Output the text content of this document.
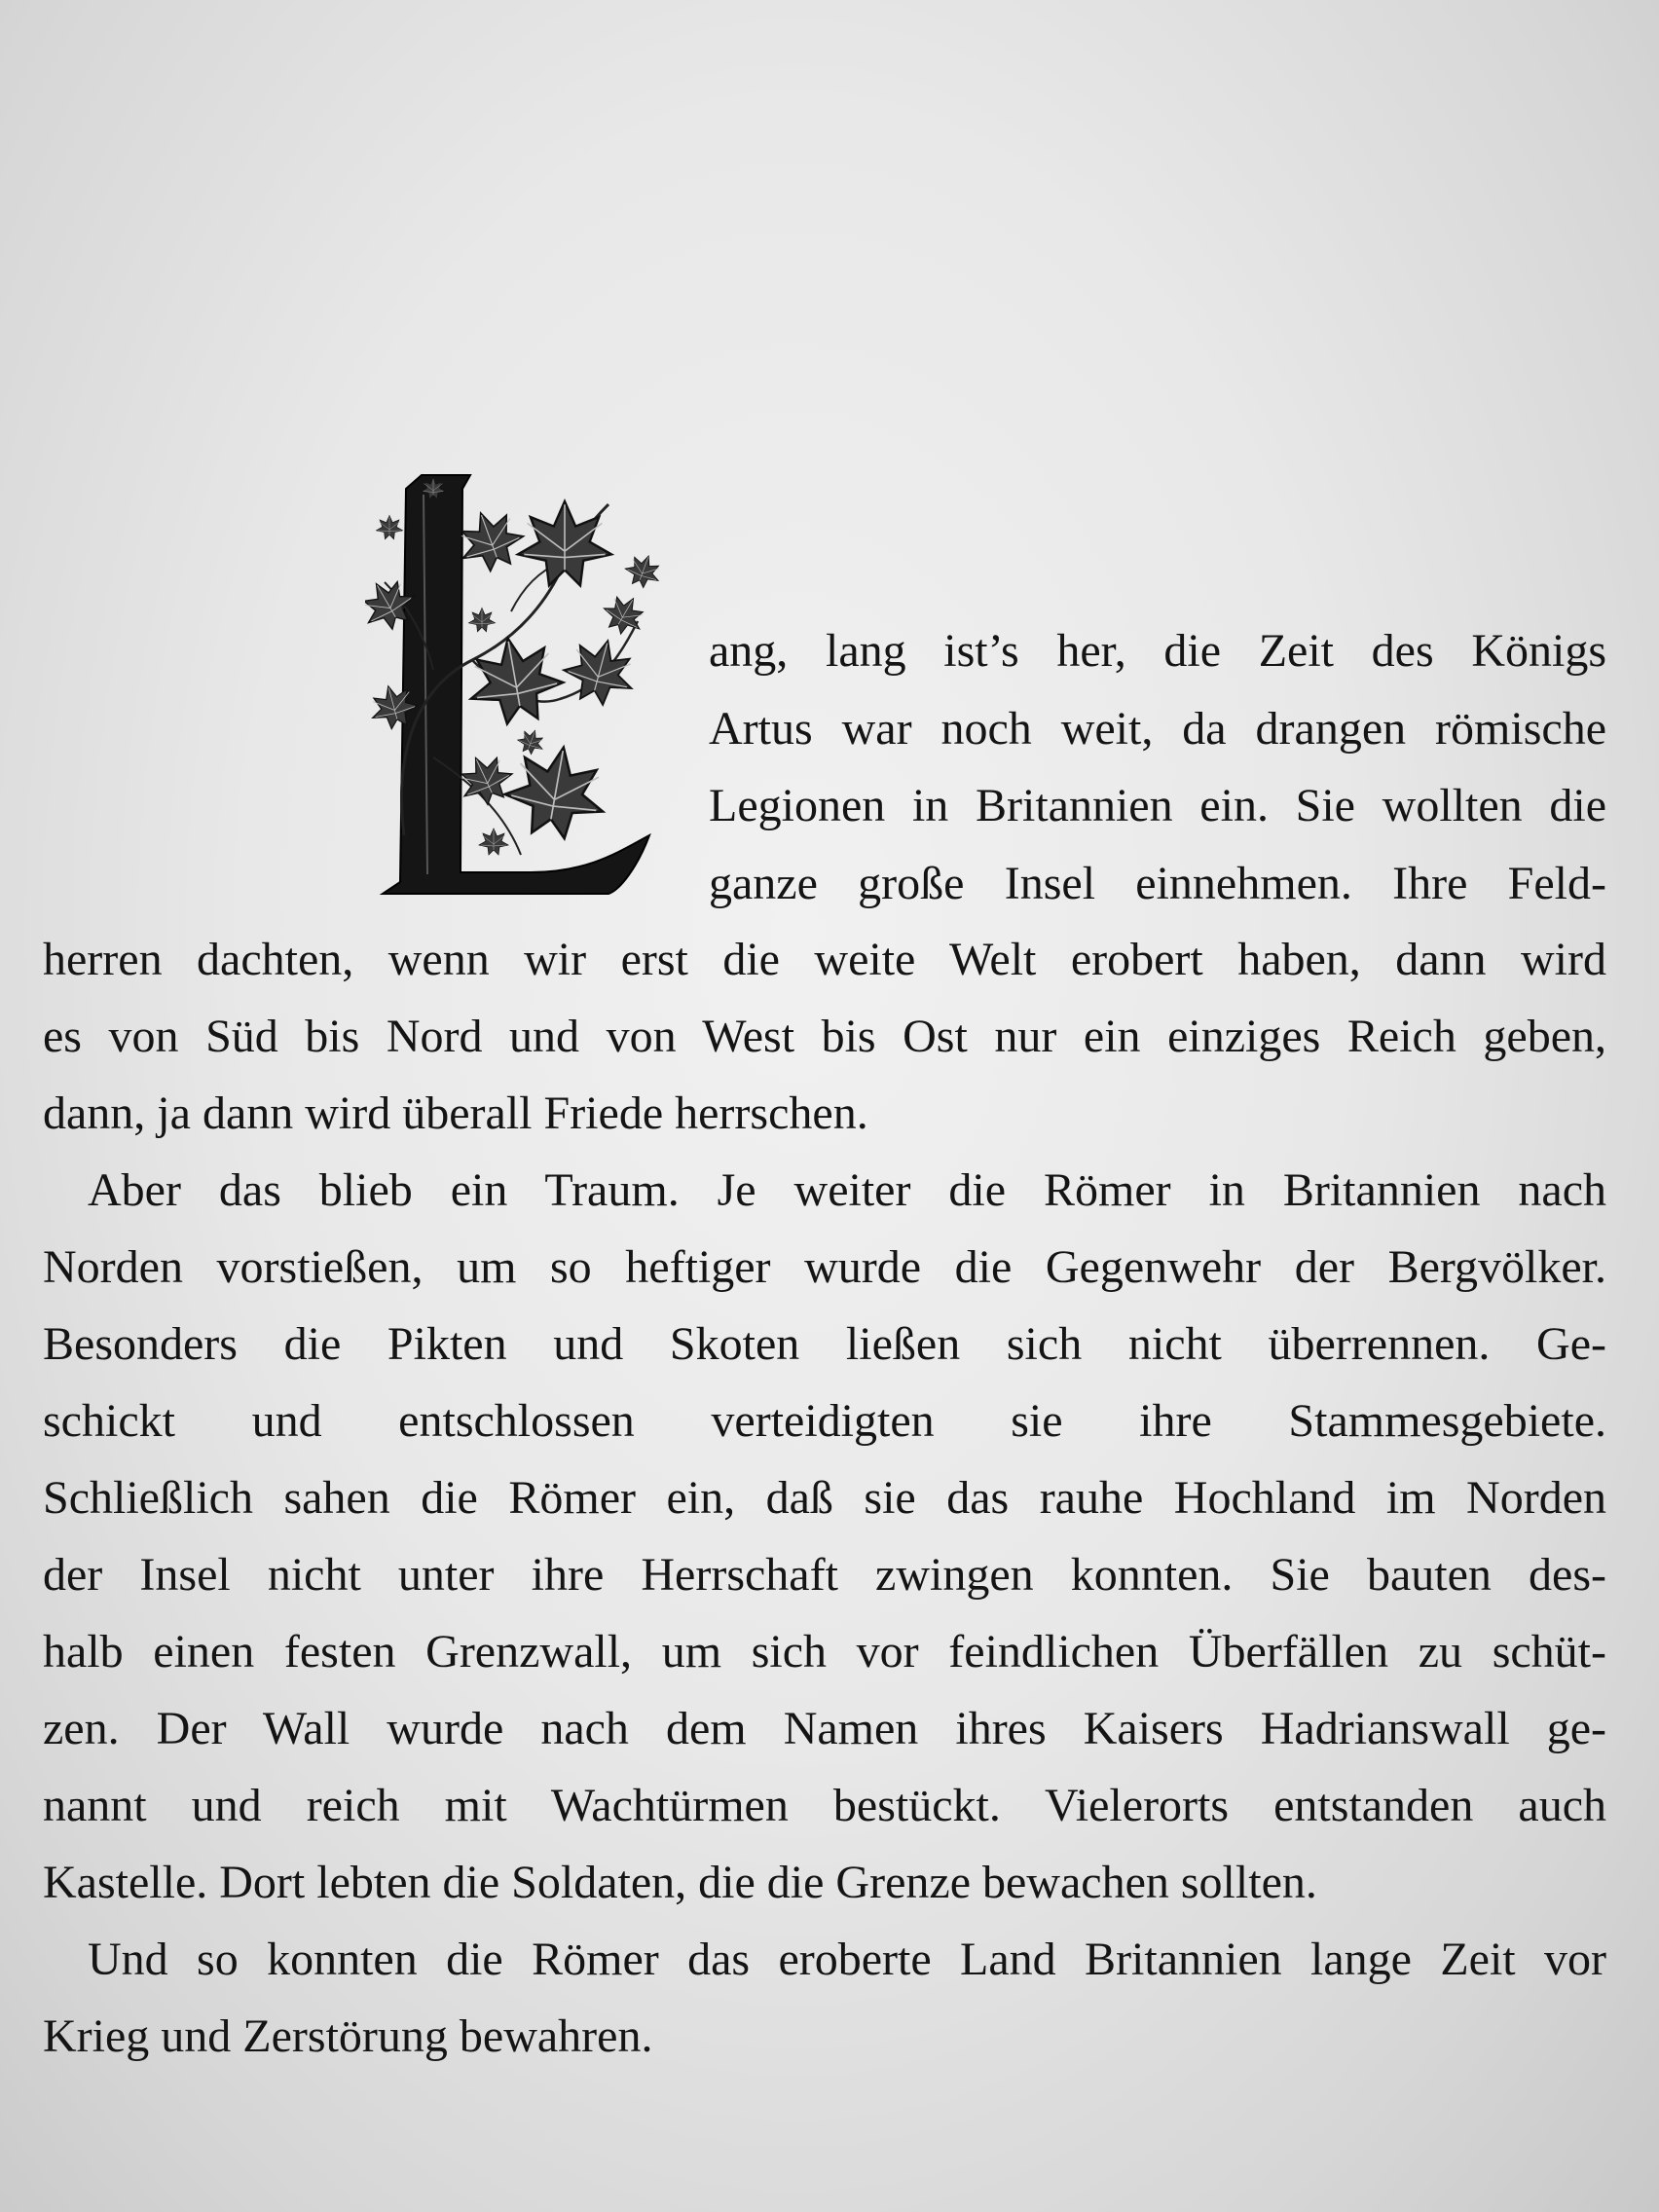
ang, lang ist’s her, die Zeit des Königs
Artus war noch weit, da drangen römische
Legionen in Britannien ein. Sie wollten die
ganze große Insel einnehmen. Ihre Feld-
herren dachten, wenn wir erst die weite Welt erobert haben, dann wird
es von Süd bis Nord und von West bis Ost nur ein einziges Reich geben,
dann, ja dann wird überall Friede herrschen.
Aber das blieb ein Traum. Je weiter die Römer in Britannien nach
Norden vorstießen, um so heftiger wurde die Gegenwehr der Bergvölker.
Besonders die Pikten und Skoten ließen sich nicht überrennen. Ge-
schickt und entschlossen verteidigten sie ihre Stammesgebiete.
Schließlich sahen die Römer ein, daß sie das rauhe Hochland im Norden
der Insel nicht unter ihre Herrschaft zwingen konnten. Sie bauten des-
halb einen festen Grenzwall, um sich vor feindlichen Überfällen zu schüt-
zen. Der Wall wurde nach dem Namen ihres Kaisers Hadrianswall ge-
nannt und reich mit Wachtürmen bestückt. Vielerorts entstanden auch
Kastelle. Dort lebten die Soldaten, die die Grenze bewachen sollten.
Und so konnten die Römer das eroberte Land Britannien lange Zeit vor
Krieg und Zerstörung bewahren.
